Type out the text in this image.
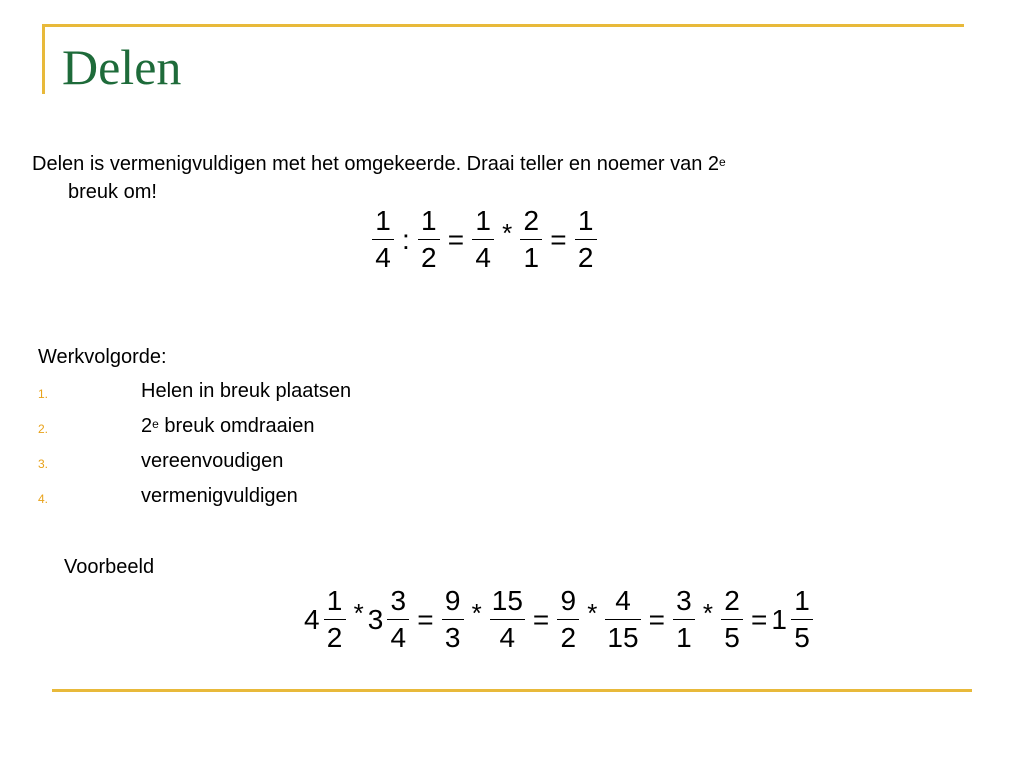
Delen
Delen is vermenigvuldigen met het omgekeerde. Draai teller en noemer van 2e
breuk om!
$\frac{1}{4}$ : $\frac{1}{2} = \frac{1}{4} * \frac{2}{1} = \frac{1}{2}$
Werkvolgorde:
1.	Helen in breuk plaatsen
2.	2e breuk omdraaien
3.	vereenvoudigen
4.	vermenigvuldigen
Voorbeeld
$4 \frac{1}{2} * 3 \frac{3}{4} = \frac{9}{3} * \frac{15}{4} = \frac{9}{2} * \frac{4}{15} = \frac{3}{1} * \frac{2}{5} = 1 \frac{1}{5}$
